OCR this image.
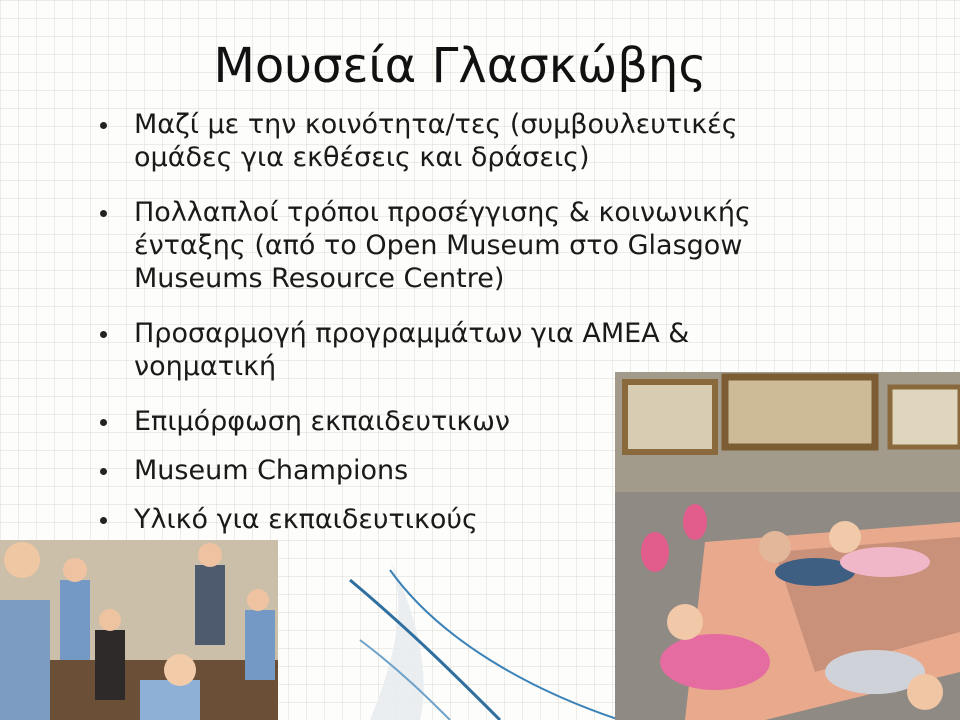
Μουσεία Γλασκώβης
Μαζί με την κοινότητα/τες (συμβουλευτικές ομάδες για εκθέσεις και δράσεις)
Πολλαπλοί τρόποι προσέγγισης & κοινωνικής ένταξης (από το Open Museum στο Glasgow Museums Resource Centre)
Προσαρμογή προγραμμάτων για ΑΜΕΑ & νοηματική
Επιμόρφωση εκπαιδευτικων
Museum Champions
Υλικό για εκπαιδευτικούς
